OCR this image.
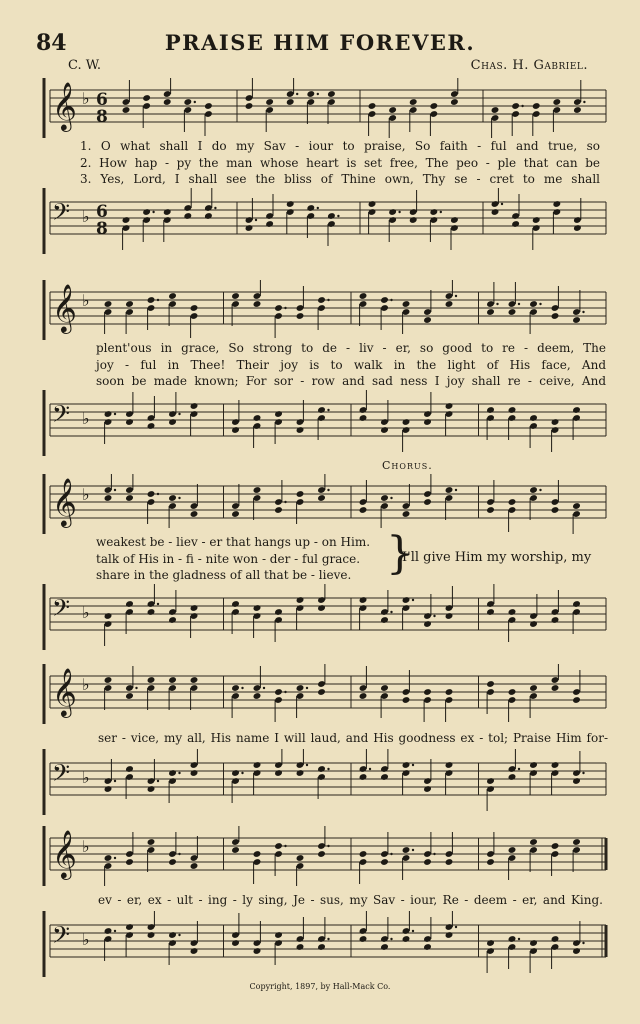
84	PRAISE HIM FOREVER.
C. W.	Chas. H. Gabriel.
𝄞 ♭ 6
8
1. O what shall I do my Sav - iour to praise, So faith - ful and true, so
2. How hap - py the man whose heart is set free, The peo - ple that can be
3. Yes, Lord, I shall see the bliss of Thine own, Thy se - cret to me shall
𝄢 ♭ 6
8
𝄞 ♭
plent'ous in grace, So strong to de - liv - er, so good to re - deem, The
joy - ful in Thee! Their joy is to walk in the light of His face, And
soon be made known; For sor - row and sad ness I joy shall re - ceive, And
𝄢 ♭
Chorus.
𝄞 ♭
weakest be - liev - er that hangs up - on Him.
talk of His in - fi - nite won - der - ful grace.
share in the gladness of all that be - lieve. }
I'll give Him my worship, my
𝄢 ♭
𝄞 ♭
ser - vice, my all, His name I will laud, and His goodness ex - tol; Praise Him for-
𝄢 ♭
𝄞 ♭
ev - er, ex - ult - ing - ly sing, Je - sus, my Sav - iour, Re - deem - er, and King.
𝄢 ♭
Copyright, 1897, by Hall-Mack Co.
